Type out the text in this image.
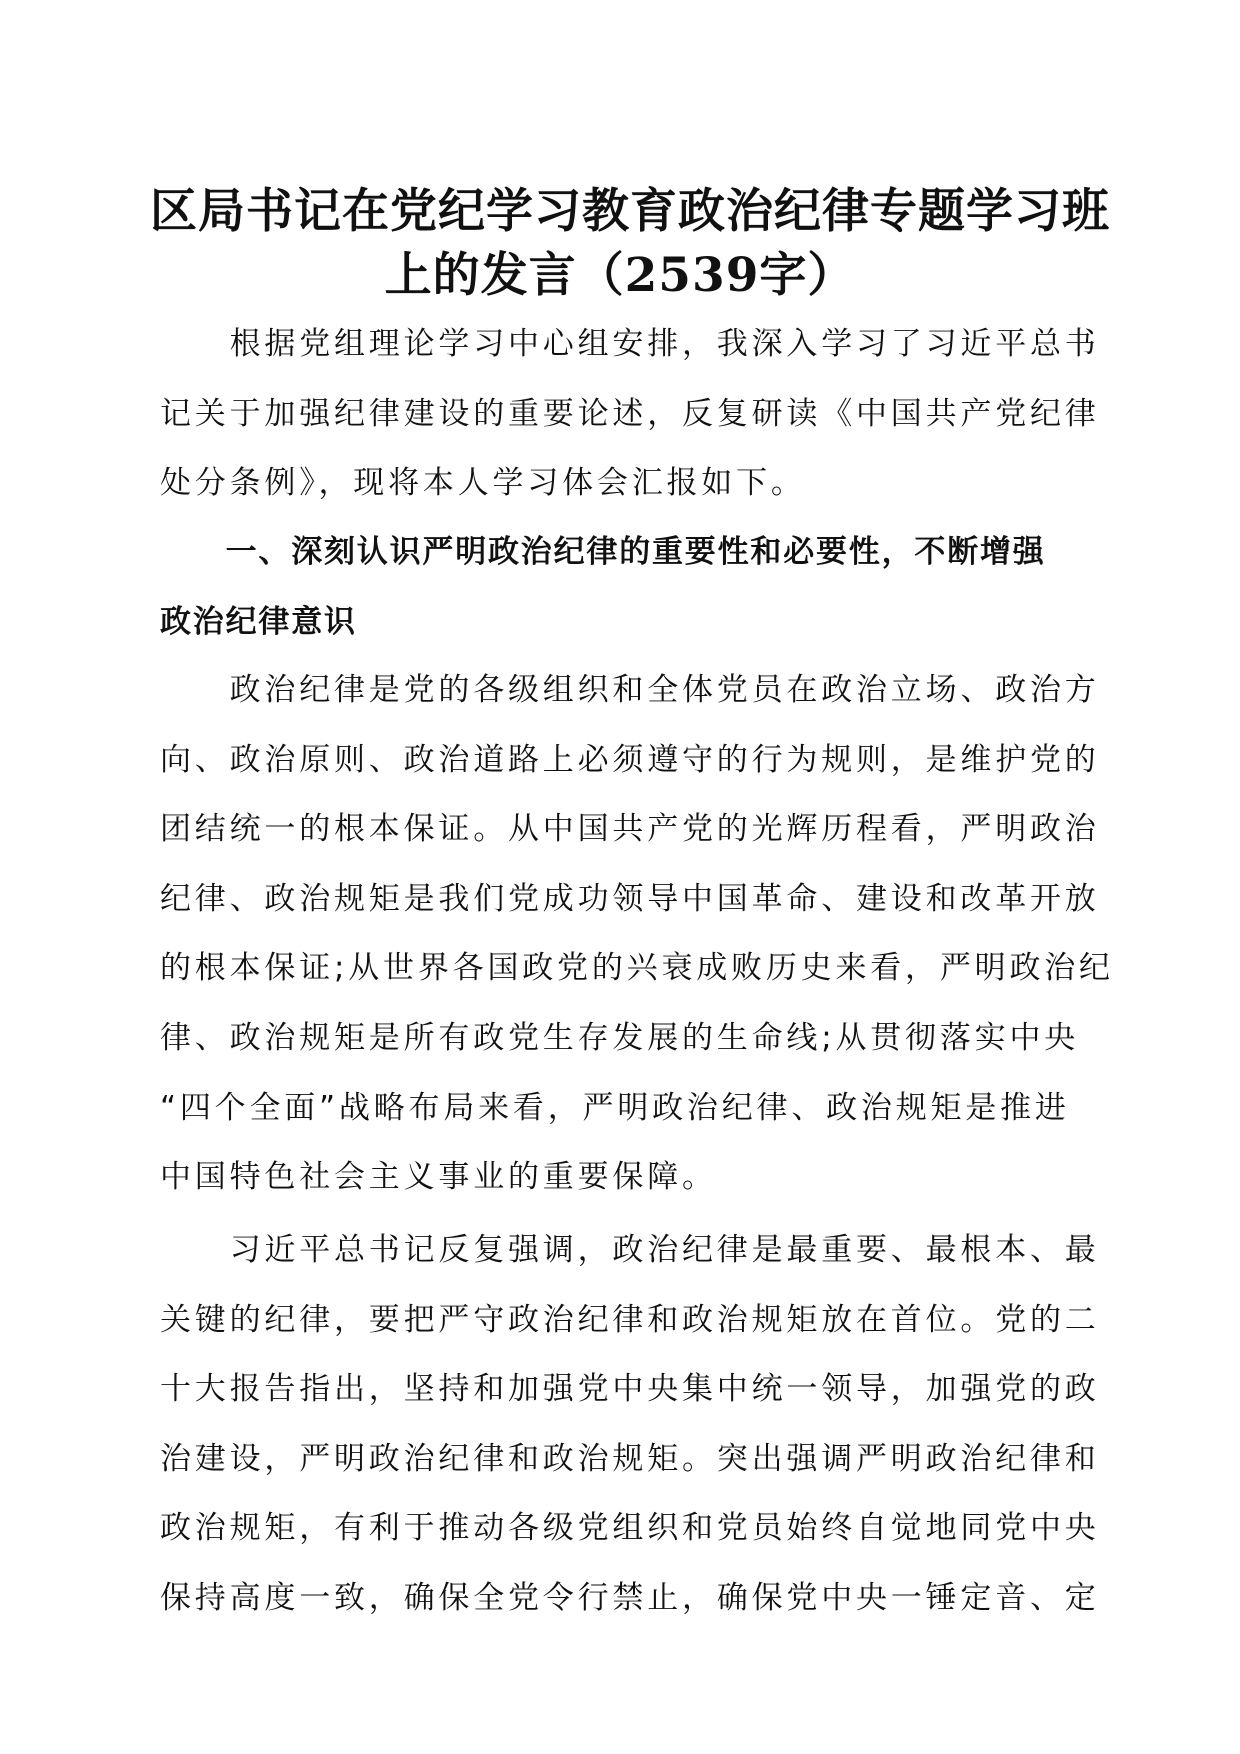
区局书记在党纪学习教育政治纪律专题学习班
上的发言（2539字）

　　根据党组理论学习中心组安排，我深入学习了习近平总书
记关于加强纪律建设的重要论述，反复研读《中国共产党纪律
处分条例》，现将本人学习体会汇报如下。

　　一、深刻认识严明政治纪律的重要性和必要性，不断增强
政治纪律意识

　　政治纪律是党的各级组织和全体党员在政治立场、政治方
向、政治原则、政治道路上必须遵守的行为规则，是维护党的
团结统一的根本保证。从中国共产党的光辉历程看，严明政治
纪律、政治规矩是我们党成功领导中国革命、建设和改革开放
的根本保证;从世界各国政党的兴衰成败历史来看，严明政治纪
律、政治规矩是所有政党生存发展的生命线;从贯彻落实中央
“四个全面”战略布局来看，严明政治纪律、政治规矩是推进
中国特色社会主义事业的重要保障。

　　习近平总书记反复强调，政治纪律是最重要、最根本、最
关键的纪律，要把严守政治纪律和政治规矩放在首位。党的二
十大报告指出，坚持和加强党中央集中统一领导，加强党的政
治建设，严明政治纪律和政治规矩。突出强调严明政治纪律和
政治规矩，有利于推动各级党组织和党员始终自觉地同党中央
保持高度一致，确保全党令行禁止，确保党中央一锤定音、定
